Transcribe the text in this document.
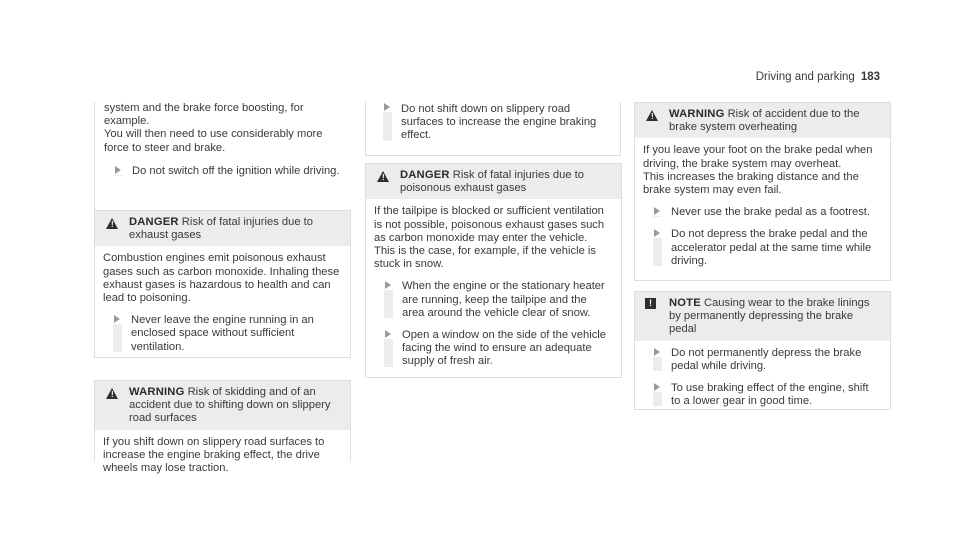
Driving and parking 183

system and the brake force boosting, for example.

You will then need to use considerably more force to steer and brake.

Do not switch off the ignition while driving.

! DANGER Risk of fatal injuries due to exhaust gases

Combustion engines emit poisonous exhaust gases such as carbon monoxide. Inhaling these exhaust gases is hazardous to health and can lead to poisoning.

Never leave the engine running in an enclosed space without sufficient ventilation.

! WARNING Risk of skidding and of an accident due to shifting down on slippery road surfaces

If you shift down on slippery road surfaces to increase the engine braking effect, the drive wheels may lose traction.

Do not shift down on slippery road surfaces to increase the engine braking effect.

! DANGER Risk of fatal injuries due to poisonous exhaust gases

If the tailpipe is blocked or sufficient ventilation is not possible, poisonous exhaust gases such as carbon monoxide may enter the vehicle. This is the case, for example, if the vehicle is stuck in snow.

When the engine or the stationary heater are running, keep the tailpipe and the area around the vehicle clear of snow.

Open a window on the side of the vehicle facing the wind to ensure an adequate supply of fresh air.

! WARNING Risk of accident due to the brake system overheating

If you leave your foot on the brake pedal when driving, the brake system may overheat.

This increases the braking distance and the brake system may even fail.

Never use the brake pedal as a footrest.

Do not depress the brake pedal and the accelerator pedal at the same time while driving.

!	NOTE Causing wear to the brake linings by permanently depressing the brake pedal

Do not permanently depress the brake pedal while driving.

To use braking effect of the engine, shift to a lower gear in good time.
